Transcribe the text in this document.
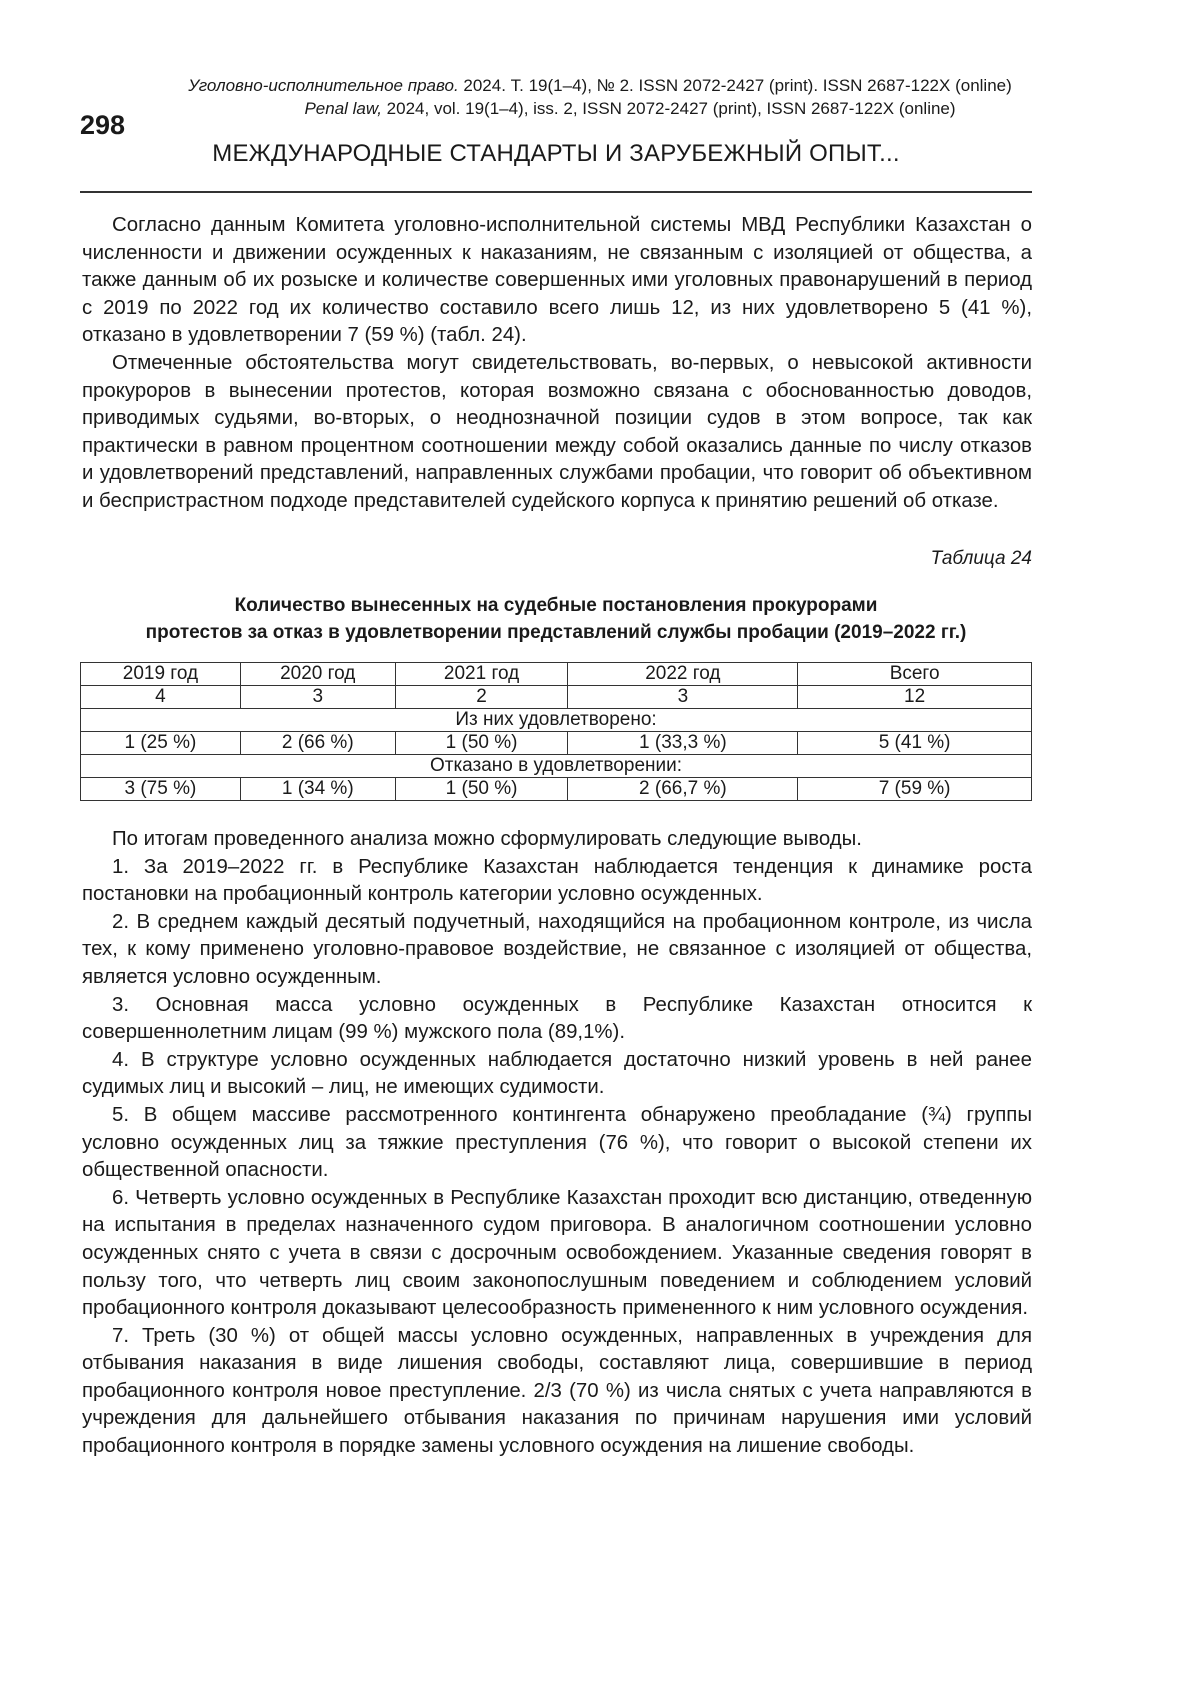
Уголовно-исполнительное право. 2024. Т. 19(1–4), № 2. ISSN 2072-2427 (print). ISSN 2687-122X (online)
Penal law, 2024, vol. 19(1–4), iss. 2, ISSN 2072-2427 (print), ISSN 2687-122X (online)
298
МЕЖДУНАРОДНЫЕ СТАНДАРТЫ И ЗАРУБЕЖНЫЙ ОПЫТ...

Согласно данным Комитета уголовно-исполнительной системы МВД Республики Казахстан о численности и движении осужденных к наказаниям, не связанным с изоляцией от общества, а также данным об их розыске и количестве совершенных ими уголовных правонарушений в период с 2019 по 2022 год их количество составило всего лишь 12, из них удовлетворено 5 (41 %), отказано в удовлетворении 7 (59 %) (табл. 24).

Отмеченные обстоятельства могут свидетельствовать, во-первых, о невысокой активности прокуроров в вынесении протестов, которая возможно связана с обоснованностью доводов, приводимых судьями, во-вторых, о неоднозначной позиции судов в этом вопросе, так как практически в равном процентном соотношении между собой оказались данные по числу отказов и удовлетворений представлений, направленных службами пробации, что говорит об объективном и беспристрастном подходе представителей судейского корпуса к принятию решений об отказе.

Таблица 24
Количество вынесенных на судебные постановления прокурорами
протестов за отказ в удовлетворении представлений службы пробации (2019–2022 гг.)
2019 год	2020 год	2021 год	2022 год	Всего
4	3	2	3	12
Из них удовлетворено:
1 (25 %)	2 (66 %)	1 (50 %)	1 (33,3 %)	5 (41 %)
Отказано в удовлетворении:
3 (75 %)	1 (34 %)	1 (50 %)	2 (66,7 %)	7 (59 %)

По итогам проведенного анализа можно сформулировать следующие выводы.

1. За 2019–2022 гг. в Республике Казахстан наблюдается тенденция к динамике роста постановки на пробационный контроль категории условно осужденных.

2. В среднем каждый десятый подучетный, находящийся на пробационном контроле, из числа тех, к кому применено уголовно-правовое воздействие, не связанное с изоляцией от общества, является условно осужденным.

3. Основная масса условно осужденных в Республике Казахстан относится к совершеннолетним лицам (99 %) мужского пола (89,1%).

4. В структуре условно осужденных наблюдается достаточно низкий уровень в ней ранее судимых лиц и высокий – лиц, не имеющих судимости.

5. В общем массиве рассмотренного контингента обнаружено преобладание (¾) группы условно осужденных лиц за тяжкие преступления (76 %), что говорит о высокой степени их общественной опасности.

6. Четверть условно осужденных в Республике Казахстан проходит всю дистанцию, отведенную на испытания в пределах назначенного судом приговора. В аналогичном соотношении условно осужденных снято с учета в связи с досрочным освобождением. Указанные сведения говорят в пользу того, что четверть лиц своим законопослушным поведением и соблюдением условий пробационного контроля доказывают целесообразность примененного к ним условного осуждения.

7. Треть (30 %) от общей массы условно осужденных, направленных в учреждения для отбывания наказания в виде лишения свободы, составляют лица, совершившие в период пробационного контроля новое преступление. 2/3 (70 %) из числа снятых с учета направляются в учреждения для дальнейшего отбывания наказания по причинам нарушения ими условий пробационного контроля в порядке замены условного осуждения на лишение свободы.
